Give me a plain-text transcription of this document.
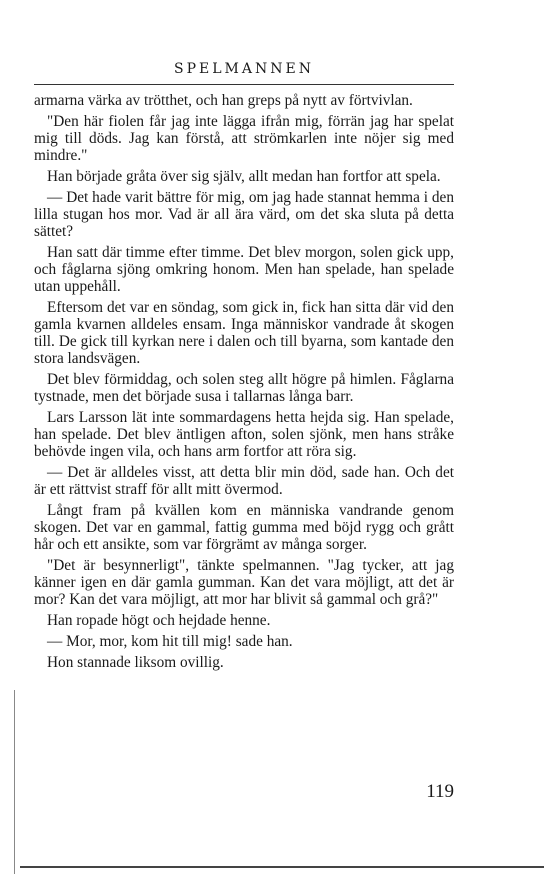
SPELMANNEN

armarna värka av trötthet, och han greps på nytt av förtvivlan.

"Den här fiolen får jag inte lägga ifrån mig, förrän jag har spelat mig till döds. Jag kan förstå, att strömkarlen inte nöjer sig med mindre."

Han började gråta över sig själv, allt medan han fortfor att spela.

— Det hade varit bättre för mig, om jag hade stannat hemma i den lilla stugan hos mor. Vad är all ära värd, om det ska sluta på detta sättet?

Han satt där timme efter timme. Det blev morgon, solen gick upp, och fåglarna sjöng omkring honom. Men han spelade, han spelade utan uppehåll.

Eftersom det var en söndag, som gick in, fick han sitta där vid den gamla kvarnen alldeles ensam. Inga människor vandrade åt skogen till. De gick till kyrkan nere i dalen och till byarna, som kantade den stora landsvägen.

Det blev förmiddag, och solen steg allt högre på himlen. Fåglarna tystnade, men det började susa i tallarnas långa barr.

Lars Larsson lät inte sommardagens hetta hejda sig. Han spelade, han spelade. Det blev äntligen afton, solen sjönk, men hans stråke behövde ingen vila, och hans arm fortfor att röra sig.

— Det är alldeles visst, att detta blir min död, sade han. Och det är ett rättvist straff för allt mitt övermod.

Långt fram på kvällen kom en människa vandrande genom skogen. Det var en gammal, fattig gumma med böjd rygg och grått hår och ett ansikte, som var förgrämt av många sorger.

"Det är besynnerligt", tänkte spelmannen. "Jag tycker, att jag känner igen en där gamla gumman. Kan det vara möjligt, att det är mor? Kan det vara möjligt, att mor har blivit så gammal och grå?"

Han ropade högt och hejdade henne.

— Mor, mor, kom hit till mig! sade han.

Hon stannade liksom ovillig.

119
